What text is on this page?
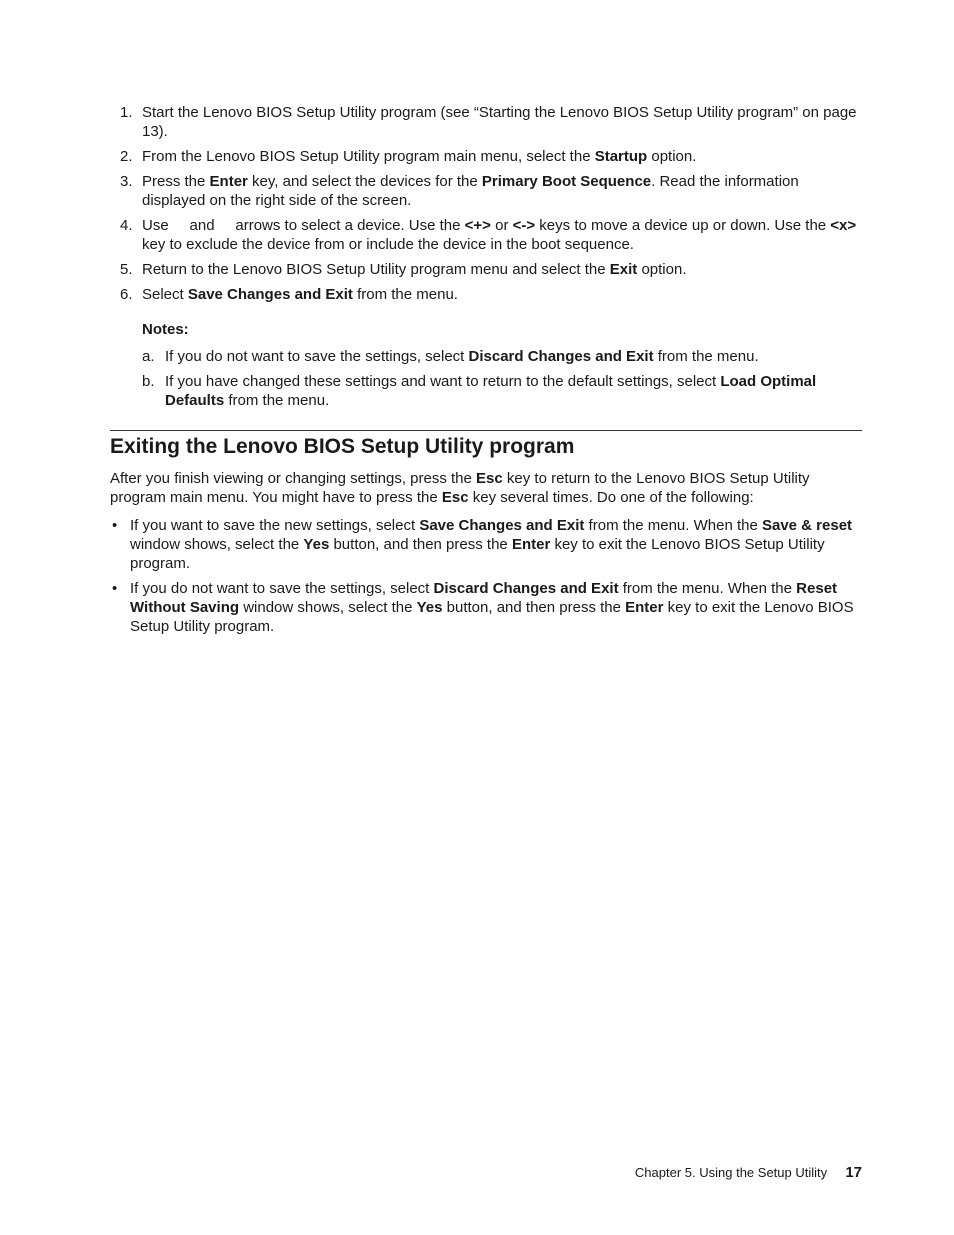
1. Start the Lenovo BIOS Setup Utility program (see “Starting the Lenovo BIOS Setup Utility program” on page 13).
2. From the Lenovo BIOS Setup Utility program main menu, select the Startup option.
3. Press the Enter key, and select the devices for the Primary Boot Sequence. Read the information displayed on the right side of the screen.
4. Use     and     arrows to select a device. Use the <+> or <-> keys to move a device up or down. Use the <x> key to exclude the device from or include the device in the boot sequence.
5. Return to the Lenovo BIOS Setup Utility program menu and select the Exit option.
6. Select Save Changes and Exit from the menu.
Notes:
a. If you do not want to save the settings, select Discard Changes and Exit from the menu.
b. If you have changed these settings and want to return to the default settings, select Load Optimal Defaults from the menu.
Exiting the Lenovo BIOS Setup Utility program

After you finish viewing or changing settings, press the Esc key to return to the Lenovo BIOS Setup Utility program main menu. You might have to press the Esc key several times. Do one of the following:

• If you want to save the new settings, select Save Changes and Exit from the menu. When the Save & reset window shows, select the Yes button, and then press the Enter key to exit the Lenovo BIOS Setup Utility program.
• If you do not want to save the settings, select Discard Changes and Exit from the menu. When the Reset Without Saving window shows, select the Yes button, and then press the Enter key to exit the Lenovo BIOS Setup Utility program.
Chapter 5. Using the Setup Utility 17
